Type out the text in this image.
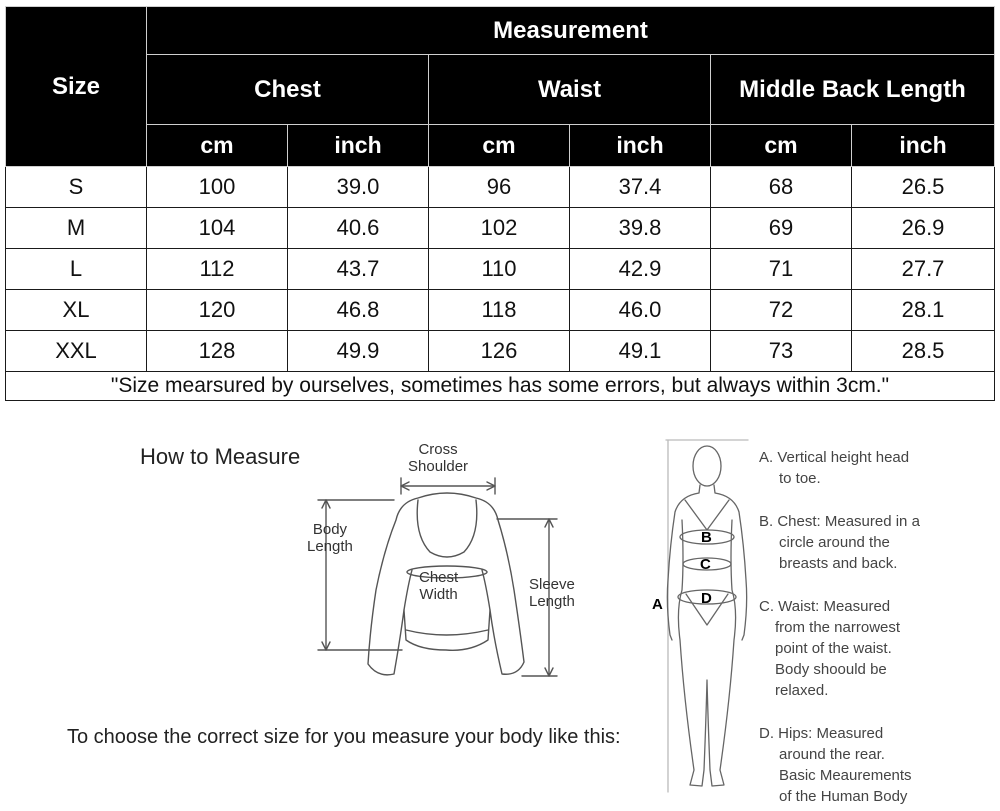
Size	Measurement					
	Chest		Waist		Middle Back Length	
	cm	inch	cm	inch	cm	inch
S	100	39.0	96	37.4	68	26.5
M	104	40.6	102	39.8	69	26.9
L	112	43.7	110	42.9	71	27.7
XL	120	46.8	118	46.0	72	28.1
XXL	128	49.9	126	49.1	73	28.5
"Size mearsured by ourselves, sometimes has some errors, but always within 3cm."						
How to Measure
To choose the correct size for you measure your body like this:
Cross
Shoulder
Body
Length
Chest
Width
Sleeve
Length	A
B
C
D
A. Vertical height head
to toe.
B. Chest: Measured in a
circle around the
breasts and back.
C. Waist: Measured
from the narrowest
point of the waist.
Body shoould be
relaxed.
D. Hips: Measured
around the rear.
Basic Meaurements
of the Human Body
